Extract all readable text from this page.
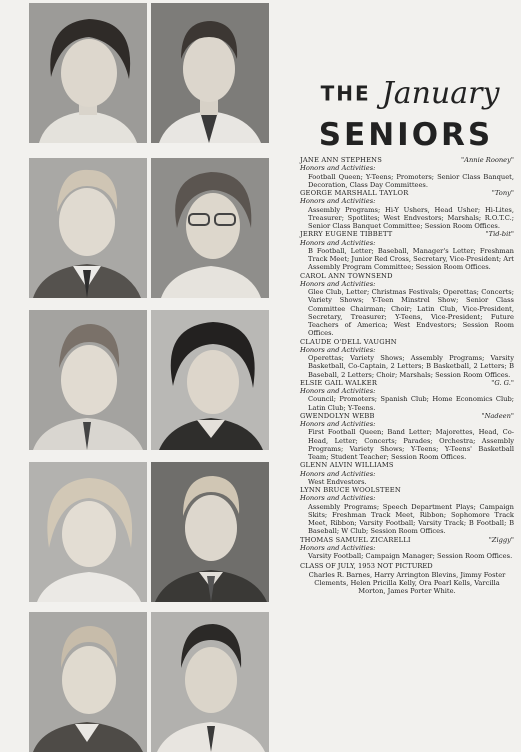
THE January
SENIORS
JANE ANN STEPHENS	"Annie Rooney"
Honors and Activities:
Football Queen; Y-Teens; Promoters; Senior Class Banquet, Decoration, Class Day Committees.
GEORGE MARSHALL TAYLOR	"Tony"
Honors and Activities:
Assembly Programs; Hi-Y Ushers, Head Usher; Hi-Lites, Treasurer; Spotlites; West Endvestors; Marshals; R.O.T.C.; Senior Class Banquet Committee; Session Room Offices.
JERRY EUGENE TIBBETT	"Tid-bit"
Honors and Activities:
B Football, Letter; Baseball, Manager's Letter; Freshman Track Meet; Junior Red Cross, Secretary, Vice-President; Art Assembly Program Committee; Session Room Offices.
CAROL ANN TOWNSEND
Honors and Activities:
Glee Club, Letter; Christmas Festivals; Operettas; Concerts; Variety Shows; Y-Teen Minstrel Show; Senior Class Committee Chairman; Choir; Latin Club, Vice-President, Secretary, Treasurer; Y-Teens, Vice-President; Future Teachers of America; West Endvestors; Session Room Offices.
CLAUDE O'DELL VAUGHN
Honors and Activities:
Operettas; Variety Shows; Assembly Programs; Varsity Basketball, Co-Captain, 2 Letters; B Basketball, 2 Letters; B Baseball, 2 Letters; Choir; Marshals; Session Room Offices.
ELSIE GAIL WALKER	"G. G."
Honors and Activities:
Council; Promoters; Spanish Club; Home Economics Club; Latin Club; Y-Teens.
GWENDOLYN WEBB	"Nadeen"
Honors and Activities:
First Football Queen; Band Letter; Majorettes, Head, Co-Head, Letter; Concerts; Parades; Orchestra; Assembly Programs; Variety Shows; Y-Teens; Y-Teens' Basketball Team; Student Teacher; Session Room Offices.
GLENN ALVIN WILLIAMS
Honors and Activities:
West Endvestors.
LYNN BRUCE WOOLSTEEN
Honors and Activities:
Assembly Programs; Speech Department Plays; Campaign Skits; Freshman Track Meet, Ribbon; Sophomore Track Meet, Ribbon; Varsity Football; Varsity Track; B Football; B Baseball; W Club; Session Room Offices.
THOMAS SAMUEL ZICARELLI	"Ziggy"
Honors and Activities:
Varsity Football; Campaign Manager; Session Room Offices.
CLASS OF JULY, 1953 NOT PICTURED
Charles R. Barnes, Harry Arrington Blevins, Jimmy Foster Clements, Helen Pricilla Kelly, Ora Pearl Kells, Varcilla Morton, James Porter White.
